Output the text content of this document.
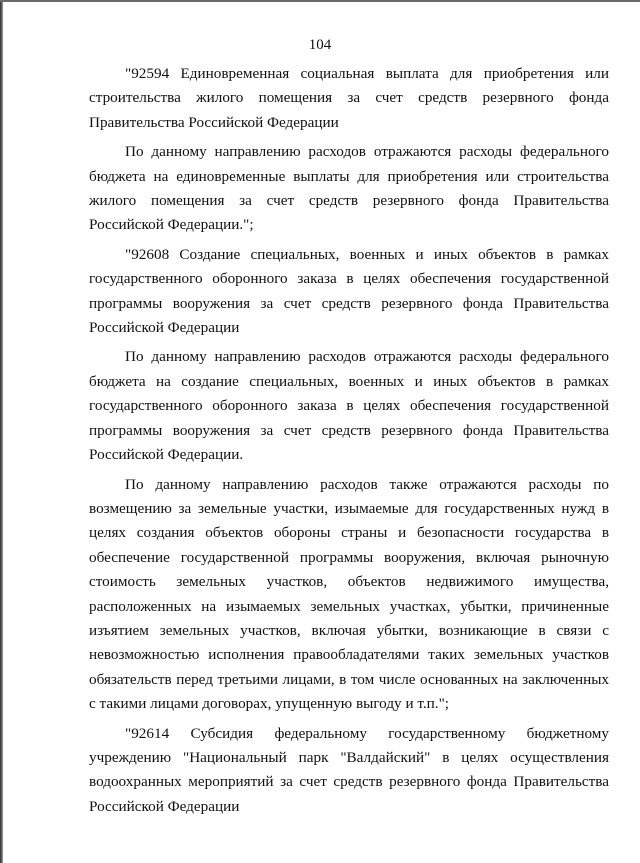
104

"92594 Единовременная социальная выплата для приобретения или строительства жилого помещения за счет средств резервного фонда Правительства Российской Федерации

По данному направлению расходов отражаются расходы федерального бюджета на единовременные выплаты для приобретения или строительства жилого помещения за счет средств резервного фонда Правительства Российской Федерации.";

"92608 Создание специальных, военных и иных объектов в рамках государственного оборонного заказа в целях обеспечения государственной программы вооружения за счет средств резервного фонда Правительства Российской Федерации

По данному направлению расходов отражаются расходы федерального бюджета на создание специальных, военных и иных объектов в рамках государственного оборонного заказа в целях обеспечения государственной программы вооружения за счет средств резервного фонда Правительства Российской Федерации.

По данному направлению расходов также отражаются расходы по возмещению за земельные участки, изымаемые для государственных нужд в целях создания объектов обороны страны и безопасности государства в обеспечение государственной программы вооружения, включая рыночную стоимость земельных участков, объектов недвижимого имущества, расположенных на изымаемых земельных участках, убытки, причиненные изъятием земельных участков, включая убытки, возникающие в связи с невозможностью исполнения правообладателями таких земельных участков обязательств перед третьими лицами, в том числе основанных на заключенных с такими лицами договорах, упущенную выгоду и т.п.";

"92614 Субсидия федеральному государственному бюджетному учреждению "Национальный парк "Валдайский" в целях осуществления водоохранных мероприятий за счет средств резервного фонда Правительства Российской Федерации
